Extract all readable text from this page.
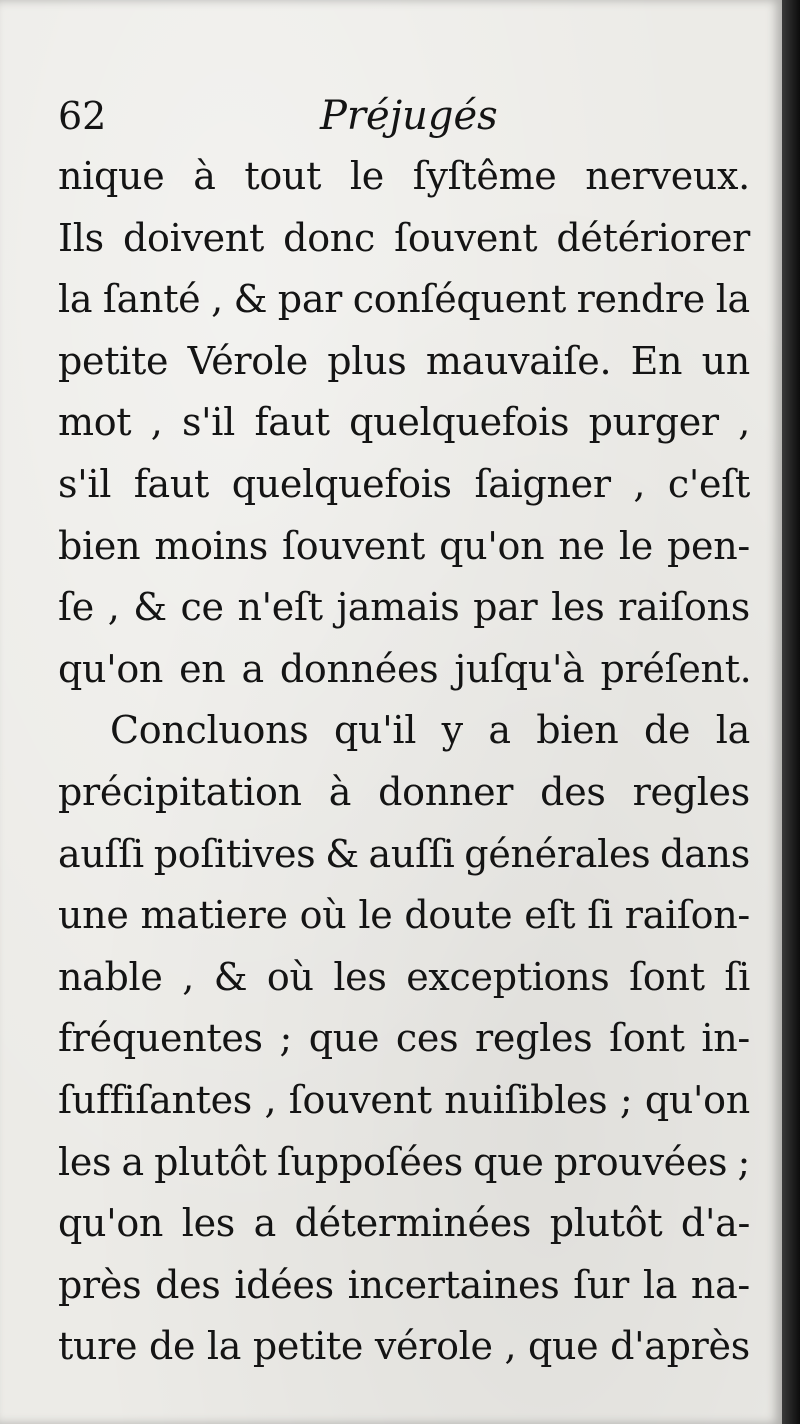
62	Préjugés
nique à tout le ſyſtême nerveux.
Ils doivent donc ſouvent détériorer
la ſanté , & par conſéquent rendre la
petite Vérole plus mauvaiſe. En un
mot , s'il faut quelquefois purger ,
s'il faut quelquefois ſaigner , c'eſt
bien moins ſouvent qu'on ne le pen-
ſe , & ce n'eſt jamais par les raiſons
qu'on en a données juſqu'à préſent.
Concluons qu'il y a bien de la
précipitation à donner des regles
auſſi poſitives & auſſi générales dans
une matiere où le doute eſt ſi raiſon-
nable , & où les exceptions ſont ſi
fréquentes ; que ces regles ſont in-
ſuffiſantes , ſouvent nuiſibles ; qu'on
les a plutôt ſuppoſées que prouvées ;
qu'on les a déterminées plutôt d'a-
près des idées incertaines ſur la na-
ture de la petite vérole , que d'après
